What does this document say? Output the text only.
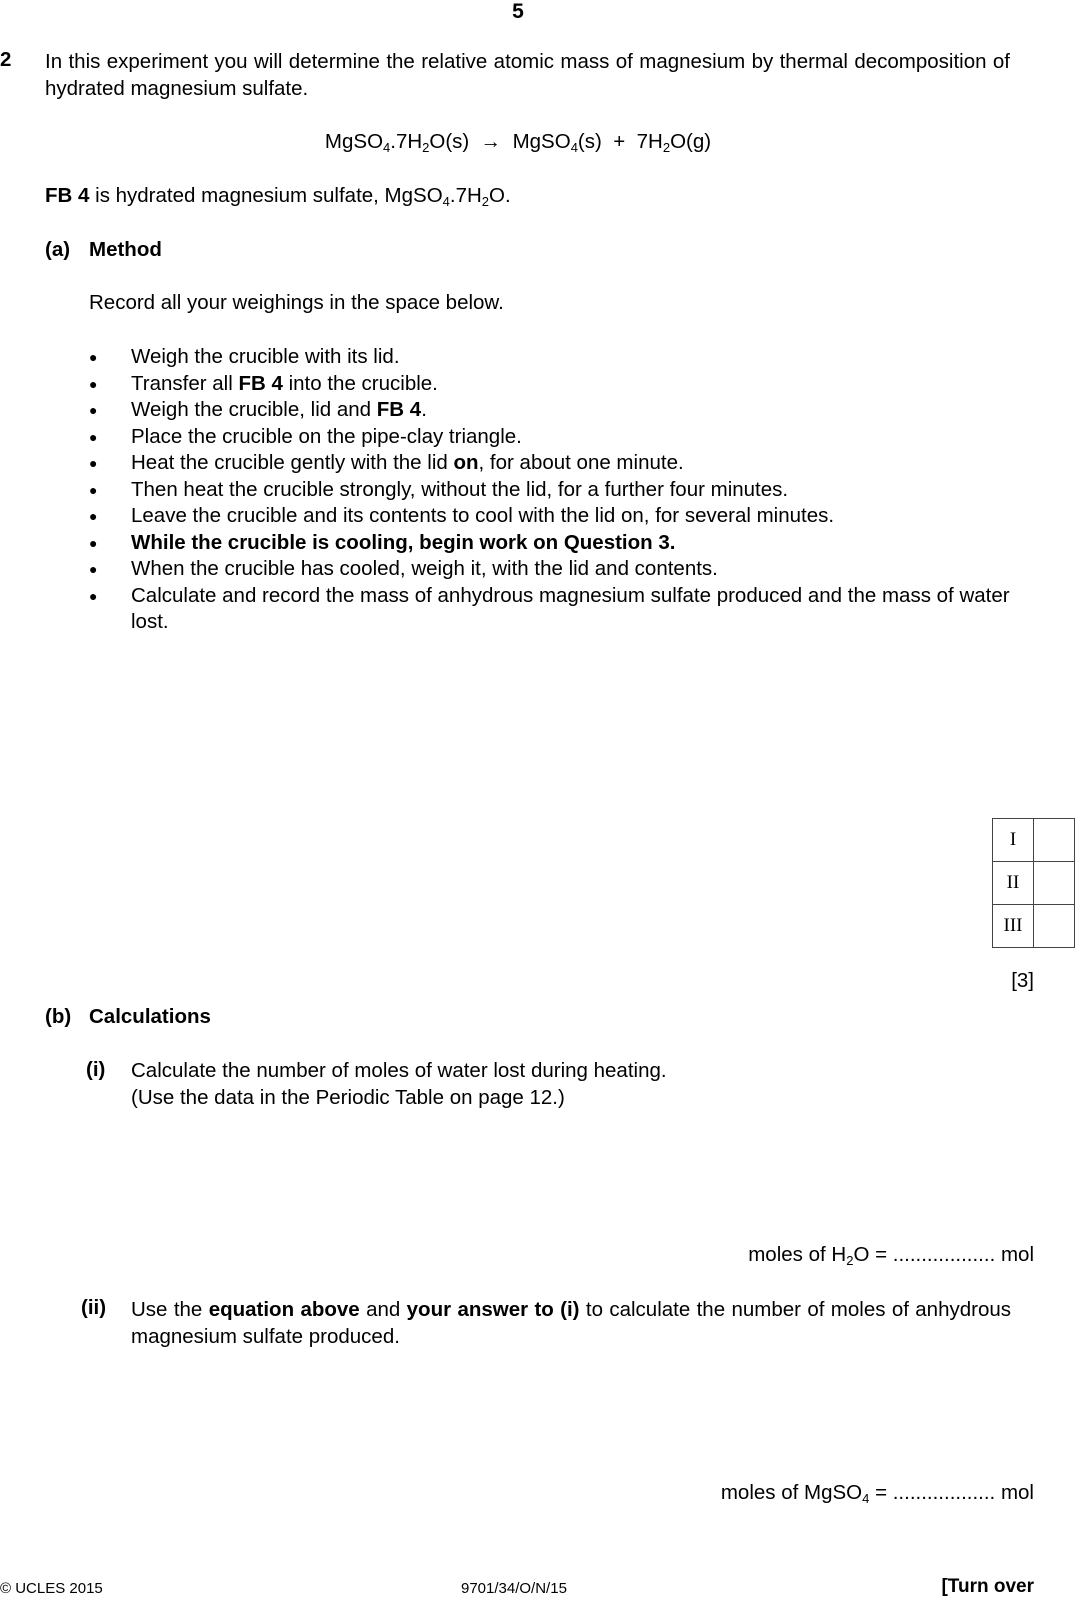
5
2 In this experiment you will determine the relative atomic mass of magnesium by thermal decomposition of hydrated magnesium sulfate.
$MgSO_4.7H_2O(s)$ → MgSO$_4$(s) + $7H_2O(g)$
FB 4 is hydrated magnesium sulfate, $MgSO_4.7H_2O$.
(a) Method
Record all your weighings in the space below.
●	Weigh the crucible with its lid.
●	Transfer all FB 4 into the crucible.
●	Weigh the crucible, lid and FB 4.
●	Place the crucible on the pipe-clay triangle.
●	Heat the crucible gently with the lid on, for about one minute.
●	Then heat the crucible strongly, without the lid, for a further four minutes.
●	Leave the crucible and its contents to cool with the lid on, for several minutes.
●	While the crucible is cooling, begin work on Question 3.
●	When the crucible has cooled, weigh it, with the lid and contents.
●	Calculate and record the mass of anhydrous magnesium sulfate produced and the mass of water lost.
I	
II	
III	
[3]
(b) Calculations
(i) Calculate the number of moles of water lost during heating.
(Use the data in the Periodic Table on page 12.)
moles of $H_2O$ = .................. mol
(ii) Use the equation above and your answer to (i) to calculate the number of moles of anhydrous magnesium sulfate produced.
moles of MgSO$_4$ = .................. mol
© UCLES 2015	9701/34/O/N/15	[Turn over
